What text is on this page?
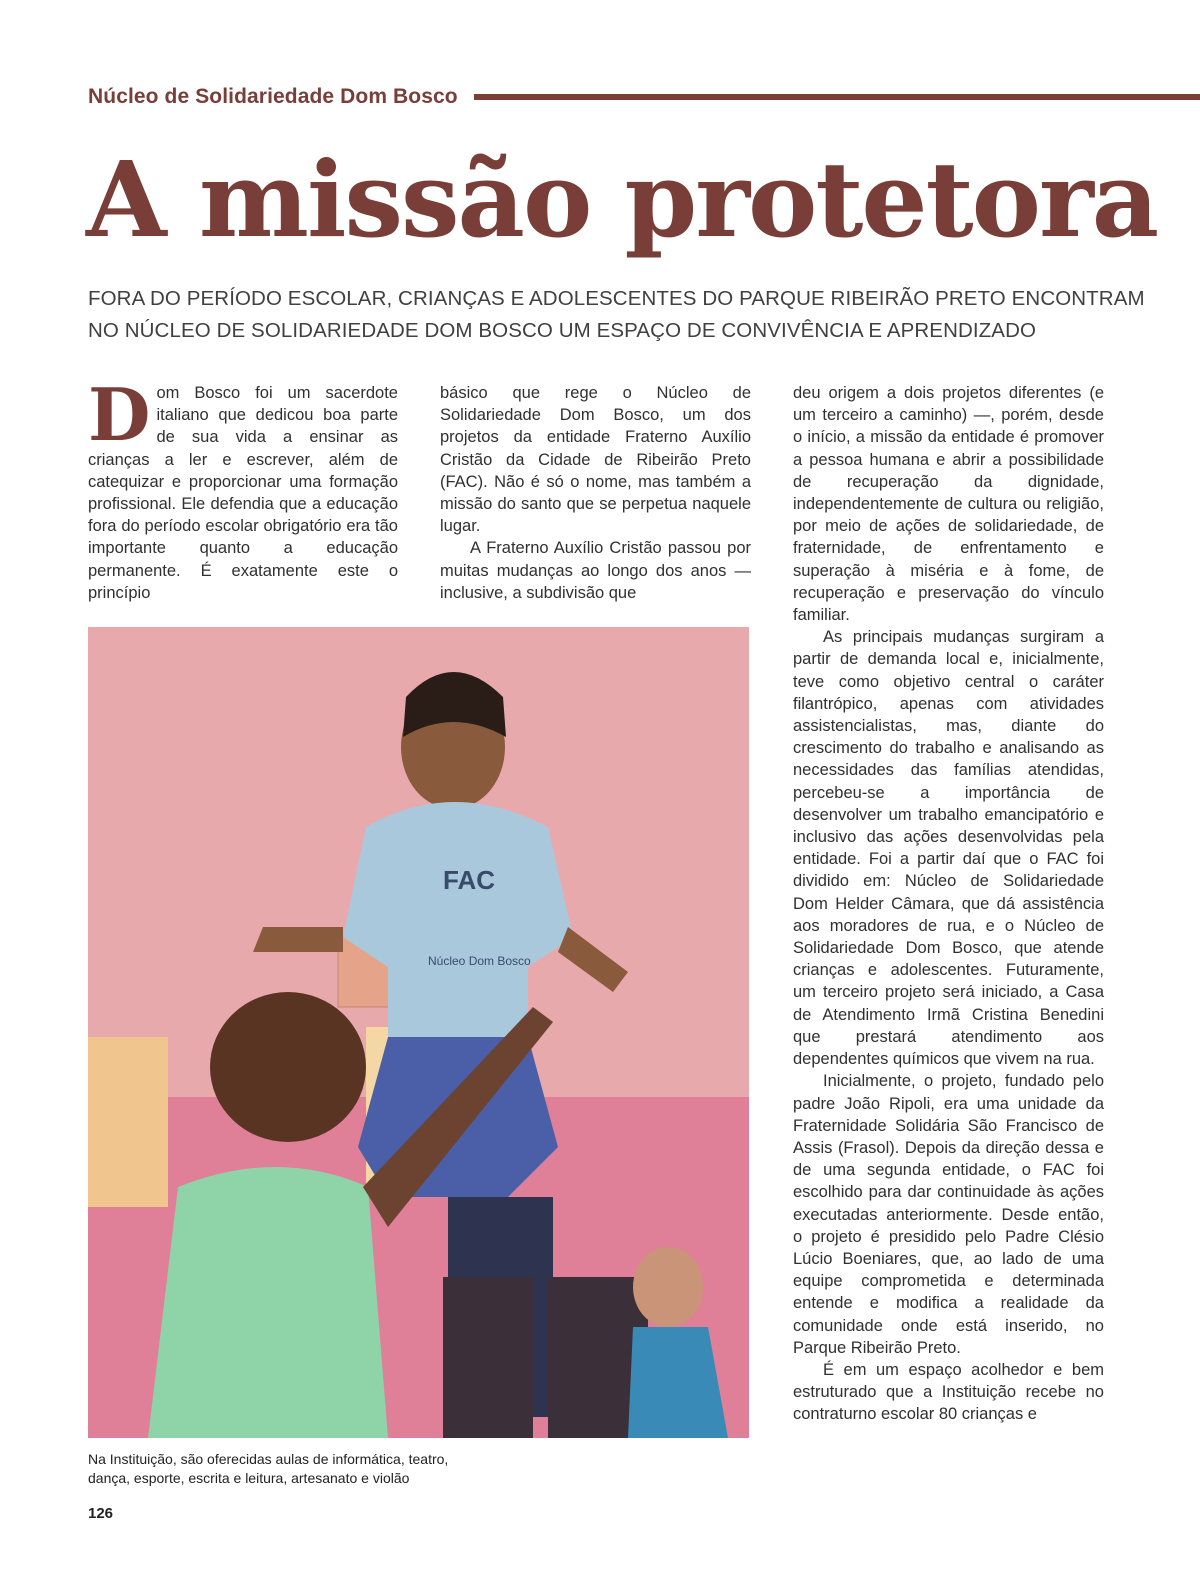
Núcleo de Solidariedade Dom Bosco
A missão protetora

FORA DO PERÍODO ESCOLAR, CRIANÇAS E ADOLESCENTES DO PARQUE RIBEIRÃO PRETO ENCONTRAM

NO NÚCLEO DE SOLIDARIEDADE DOM BOSCO UM ESPAÇO DE CONVIVÊNCIA E APRENDIZADO

D om Bosco foi um sacerdote italiano que dedicou boa parte de sua vida a ensinar as crianças a ler e escrever, além de catequizar e proporcionar uma formação profissional. Ele defendia que a educação fora do período escolar obrigatório era tão importante quanto a educação permanente. É exatamente este o princípio

básico que rege o Núcleo de Solidariedade Dom Bosco, um dos projetos da entidade Fraterno Auxílio Cristão da Cidade de Ribeirão Preto (FAC). Não é só o nome, mas também a missão do santo que se perpetua naquele lugar.

A Fraterno Auxílio Cristão passou por muitas mudanças ao longo dos anos — inclusive, a subdivisão que

deu origem a dois projetos diferentes (e um terceiro a caminho) —, porém, desde o início, a missão da entidade é promover a pessoa humana e abrir a possibilidade de recuperação da dignidade, independentemente de cultura ou religião, por meio de ações de solidariedade, de fraternidade, de enfrentamento e superação à miséria e à fome, de recuperação e preservação do vínculo familiar.

As principais mudanças surgiram a partir de demanda local e, inicialmente, teve como objetivo central o caráter filantrópico, apenas com atividades assistencialistas, mas, diante do crescimento do trabalho e analisando as necessidades das famílias atendidas, percebeu-se a importância de desenvolver um trabalho emancipatório e inclusivo das ações desenvolvidas pela entidade. Foi a partir daí que o FAC foi dividido em: Núcleo de Solidariedade Dom Helder Câmara, que dá assistência aos moradores de rua, e o Núcleo de Solidariedade Dom Bosco, que atende crianças e adolescentes. Futuramente, um terceiro projeto será iniciado, a Casa de Atendimento Irmã Cristina Benedini que prestará atendimento aos dependentes químicos que vivem na rua.

Inicialmente, o projeto, fundado pelo padre João Ripoli, era uma unidade da Fraternidade Solidária São Francisco de Assis (Frasol). Depois da direção dessa e de uma segunda entidade, o FAC foi escolhido para dar continuidade às ações executadas anteriormente. Desde então, o projeto é presidido pelo Padre Clésio Lúcio Boeniares, que, ao lado de uma equipe comprometida e determinada entende e modifica a realidade da comunidade onde está inserido, no Parque Ribeirão Preto.

É em um espaço acolhedor e bem estruturado que a Instituição recebe no contraturno escolar 80 crianças e

FAC
Núcleo Dom Bosco

Na Instituição, são oferecidas aulas de informática, teatro,

dança, esporte, escrita e leitura, artesanato e violão

126
